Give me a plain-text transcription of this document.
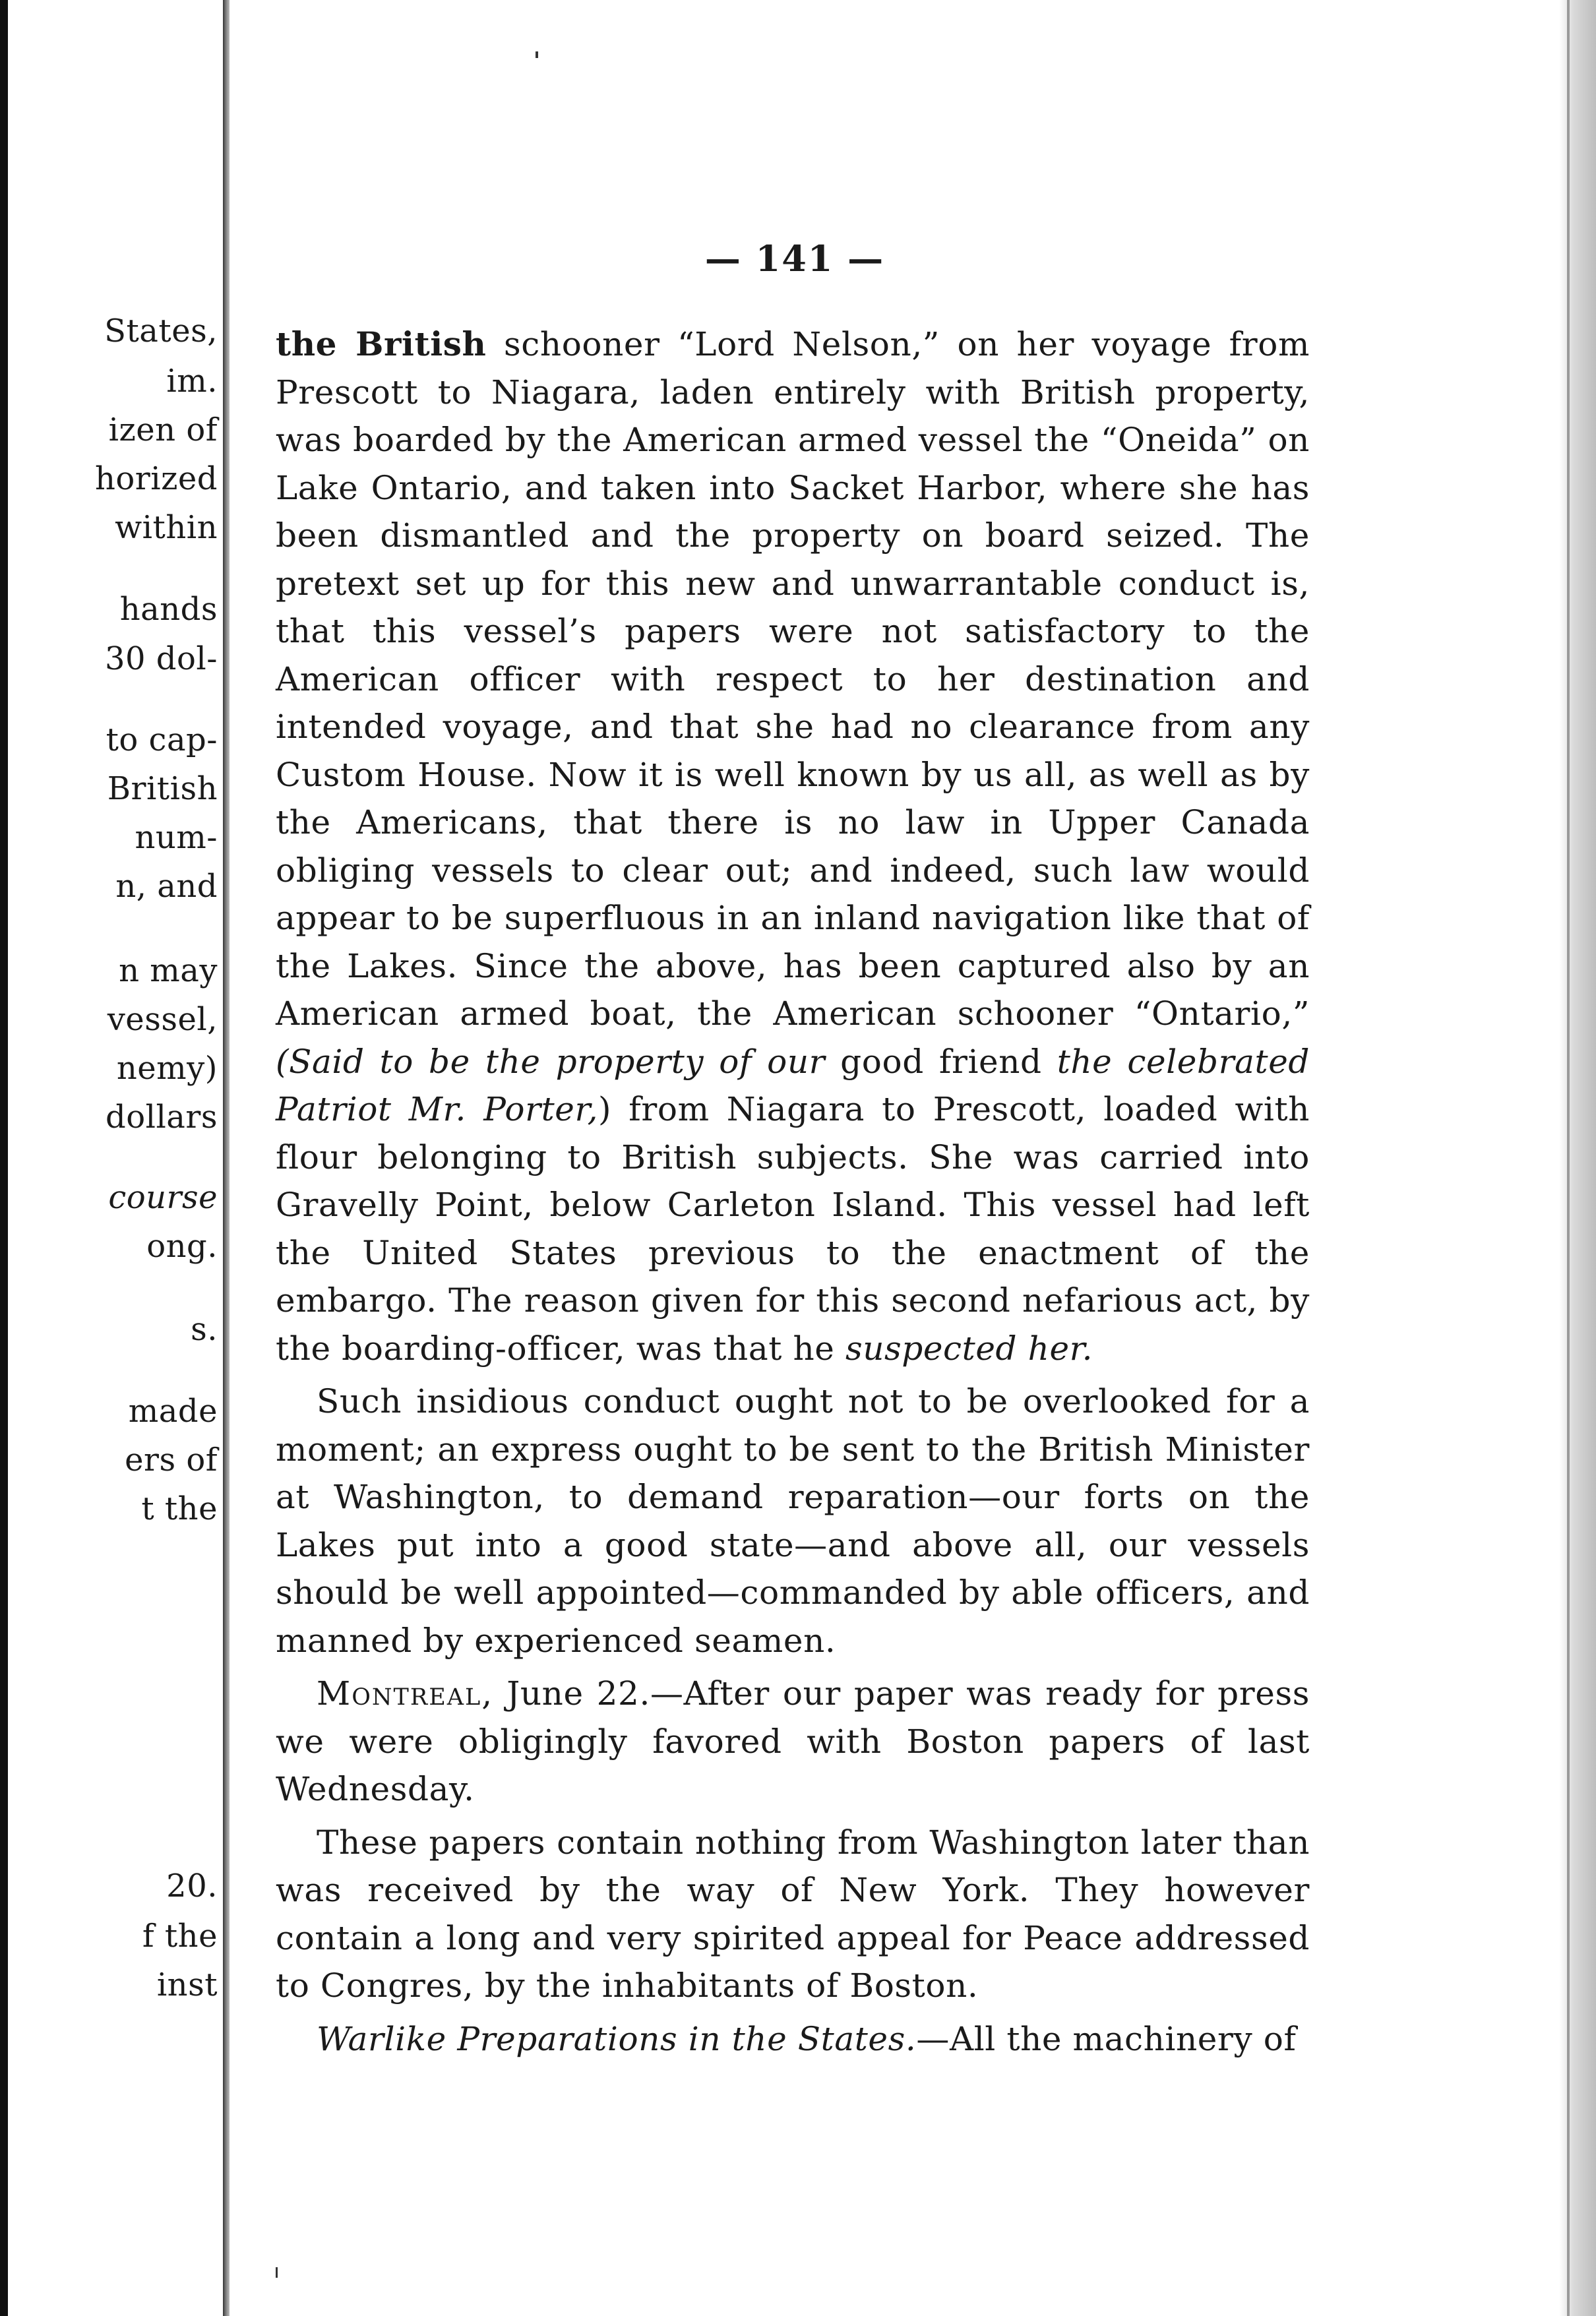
States,
im.
izen of
horized
within
hands
30 dol-
to cap-
British
num-
n, and
n may
vessel,
nemy)
dollars
course
ong.
s.
made
ers of
t the
20.
f the
inst
— 141 —

the British schooner “Lord Nelson,” on her voyage from Prescott to Niagara, laden entirely with British property, was boarded by the American armed vessel the “Oneida” on Lake Ontario, and taken into Sacket Harbor, where she has been dismantled and the property on board seized. The pretext set up for this new and unwarrantable conduct is, that this vessel’s papers were not satisfactory to the American officer with respect to her destination and intended voyage, and that she had no clearance from any Custom House. Now it is well known by us all, as well as by the Americans, that there is no law in Upper Canada obliging vessels to clear out; and indeed, such law would appear to be superfluous in an inland navigation like that of the Lakes. Since the above, has been captured also by an American armed boat, the American schooner “Ontario,” (Said to be the property of our good friend the celebrated Patriot Mr. Porter,) from Niagara to Prescott, loaded with flour belonging to British subjects. She was carried into Gravelly Point, below Carleton Island. This vessel had left the United States previous to the enactment of the embargo. The reason given for this second nefarious act, by the boarding-officer, was that he suspected her.

Such insidious conduct ought not to be overlooked for a moment; an express ought to be sent to the British Minister at Washington, to demand reparation—our forts on the Lakes put into a good state—and above all, our vessels should be well appointed—commanded by able officers, and manned by experienced seamen.

Montreal, June 22.—After our paper was ready for press we were obligingly favored with Boston papers of last Wednesday.

These papers contain nothing from Washington later than was received by the way of New York. They however contain a long and very spirited appeal for Peace addressed to Congres, by the inhabitants of Boston.

Warlike Preparations in the States.—All the machinery of
